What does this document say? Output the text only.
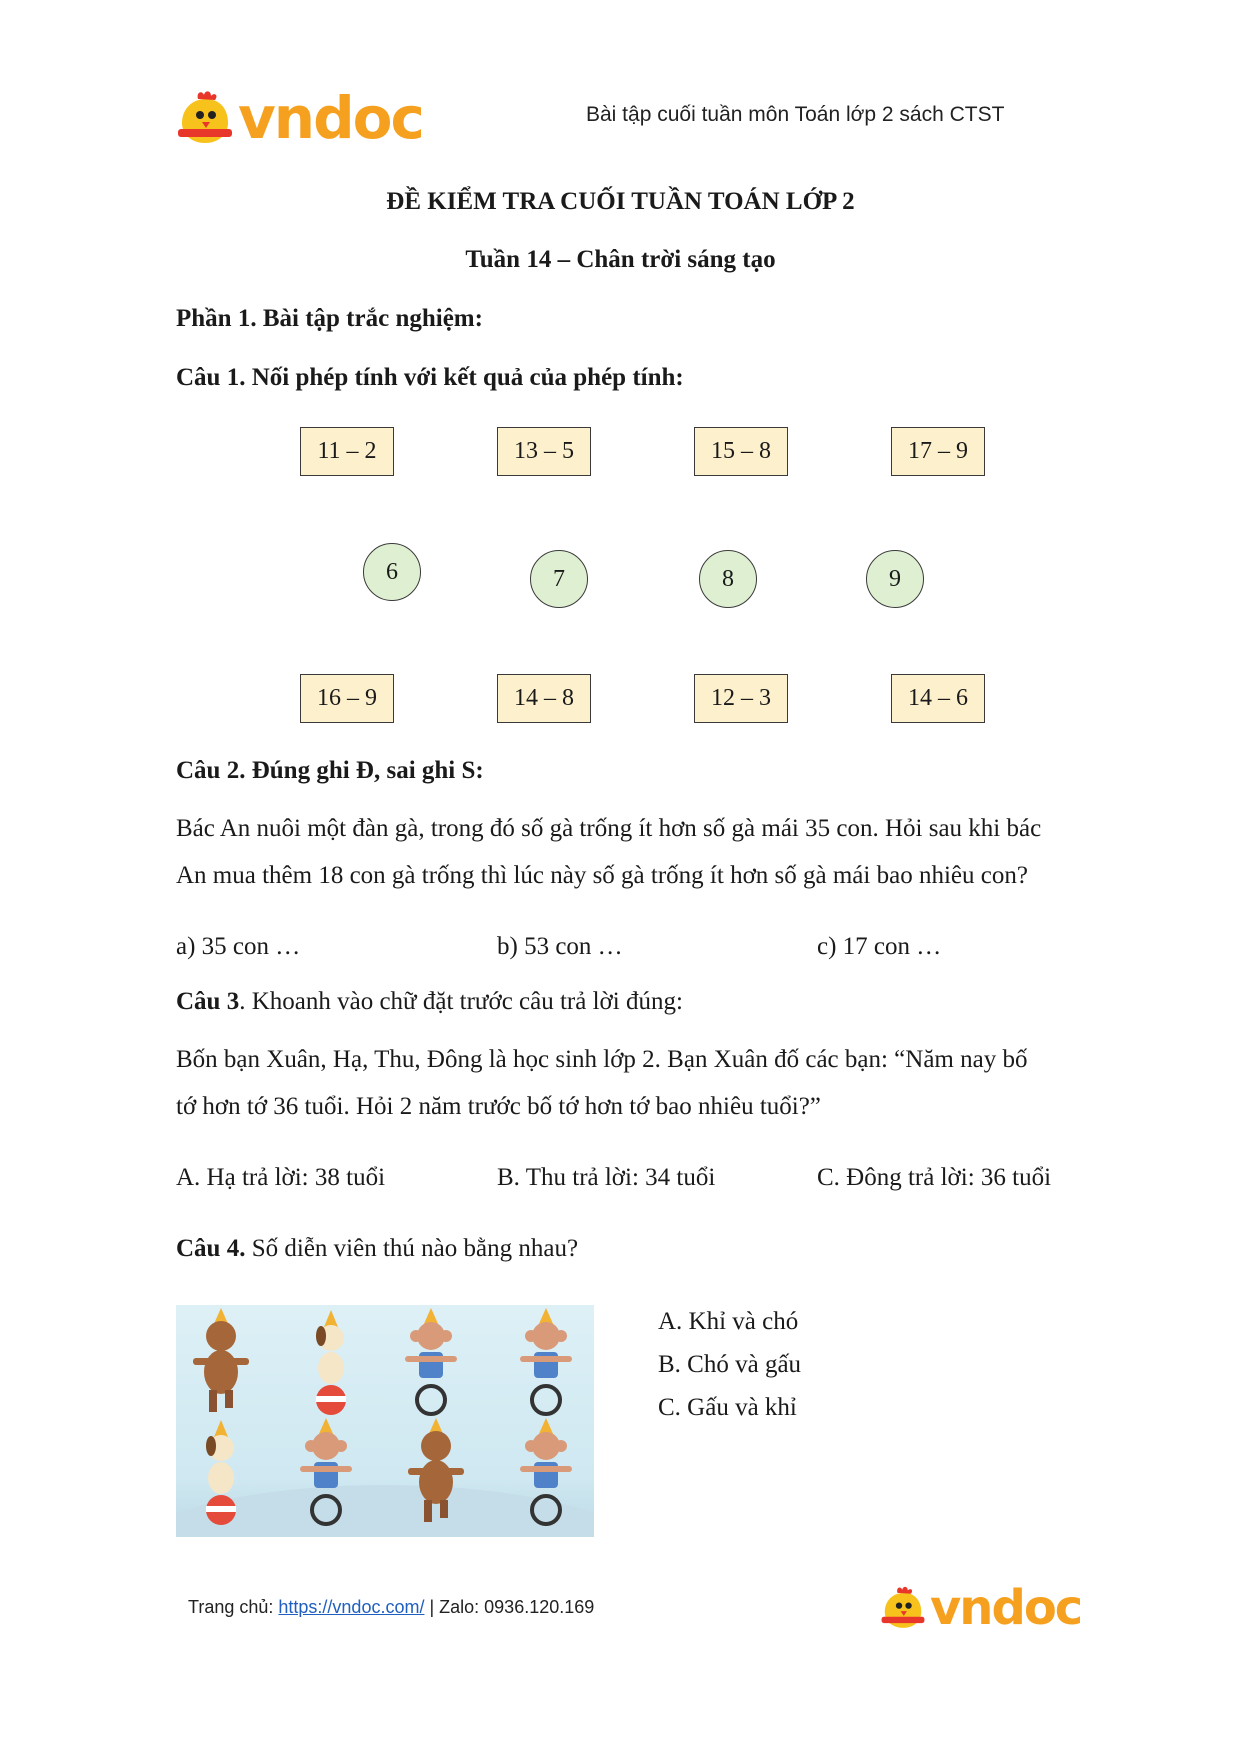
vndoc	Bài tập cuối tuần môn Toán lớp 2 sách CTST
ĐỀ KIỂM TRA CUỐI TUẦN TOÁN LỚP 2
Tuần 14 – Chân trời sáng tạo
Phần 1. Bài tập trắc nghiệm:
Câu 1. Nối phép tính với kết quả của phép tính:
11 – 2	13 – 5	15 – 8	17 – 9
6	7	8	9
16 – 9	14 – 8	12 – 3	14 – 6
Câu 2. Đúng ghi Đ, sai ghi S:
Bác An nuôi một đàn gà, trong đó số gà trống ít hơn số gà mái 35 con. Hỏi sau khi bác
An mua thêm 18 con gà trống thì lúc này số gà trống ít hơn số gà mái bao nhiêu con?
a) 35 con …	b) 53 con …	c) 17 con …
Câu 3. Khoanh vào chữ đặt trước câu trả lời đúng:
Bốn bạn Xuân, Hạ, Thu, Đông là học sinh lớp 2. Bạn Xuân đố các bạn: “Năm nay bố
tớ hơn tớ 36 tuổi. Hỏi 2 năm trước bố tớ hơn tớ bao nhiêu tuổi?”
A. Hạ trả lời: 38 tuổi	B. Thu trả lời: 34 tuổi	C. Đông trả lời: 36 tuổi
Câu 4. Số diễn viên thú nào bằng nhau?
A. Khỉ và chó
B. Chó và gấu
C. Gấu và khỉ
Trang chủ: https://vndoc.com/ | Zalo: 0936.120.169	vndoc
